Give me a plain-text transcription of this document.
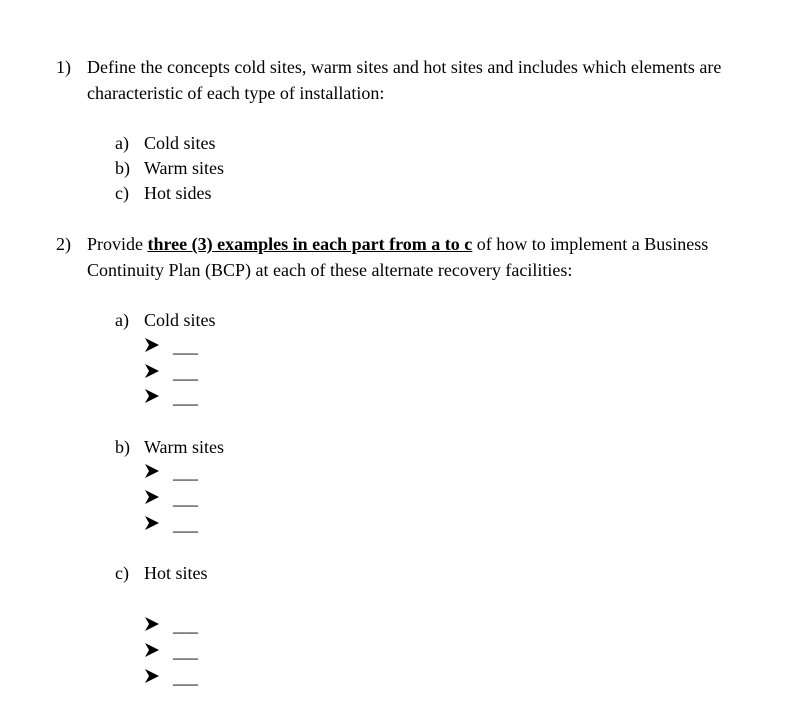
1) Define the concepts cold sites, warm sites and hot sites and includes which elements are characteristic of each type of installation:
a) Cold sites
b) Warm sites
c) Hot sides
2) Provide three (3) examples in each part from a to c of how to implement a Business Continuity Plan (BCP) at each of these alternate recovery facilities:
a) Cold sites
___
___
___
b) Warm sites
___
___
___
c) Hot sites
___
___
___
